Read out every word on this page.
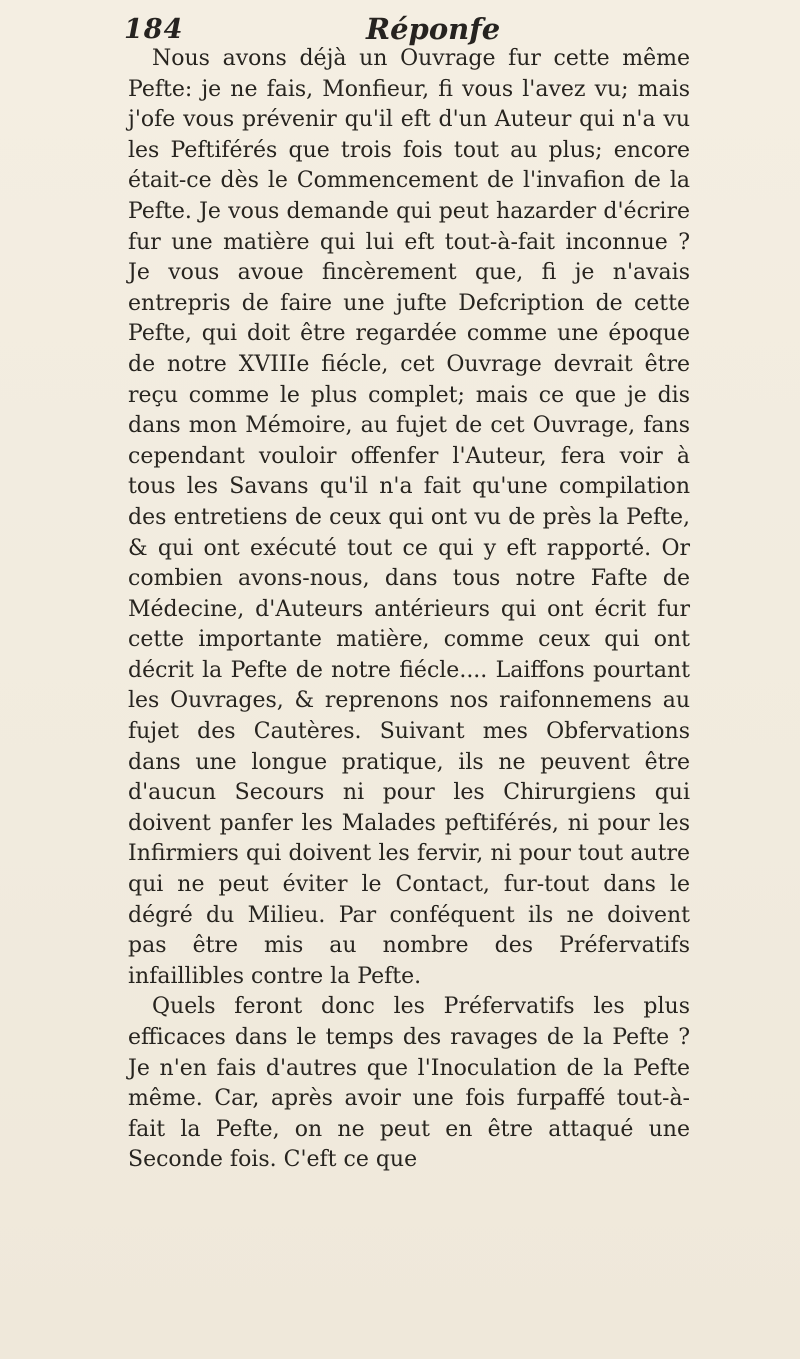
184	Réponfe

Nous avons déjà un Ouvrage fur cette même Pefte: je ne fais, Monfieur, fi vous l'avez vu; mais j'ofe vous prévenir qu'il eft d'un Auteur qui n'a vu les Peftiférés que trois fois tout au plus; encore était-ce dès le Commencement de l'invafion de la Pefte. Je vous demande qui peut hazarder d'écrire fur une matière qui lui eft tout-à-fait inconnue ? Je vous avoue fincèrement que, fi je n'avais entrepris de faire une jufte Defcription de cette Pefte, qui doit être regardée comme une époque de notre XVIIIe fiécle, cet Ouvrage devrait être reçu comme le plus complet; mais ce que je dis dans mon Mémoire, au fujet de cet Ouvrage, fans cependant vouloir offenfer l'Auteur, fera voir à tous les Savans qu'il n'a fait qu'une compilation des entretiens de ceux qui ont vu de près la Pefte, & qui ont exécuté tout ce qui y eft rapporté. Or combien avons-nous, dans tous notre Fafte de Médecine, d'Auteurs antérieurs qui ont écrit fur cette importante matière, comme ceux qui ont décrit la Pefte de notre fiécle.... Laiffons pourtant les Ouvrages, & reprenons nos raifonnemens au fujet des Cautères. Suivant mes Obfervations dans une longue pratique, ils ne peuvent être d'aucun Secours ni pour les Chirurgiens qui doivent panfer les Malades peftiférés, ni pour les Infirmiers qui doivent les fervir, ni pour tout autre qui ne peut éviter le Contact, fur-tout dans le dégré du Milieu. Par conféquent ils ne doivent pas être mis au nombre des Préfervatifs infaillibles contre la Pefte.

Quels feront donc les Préfervatifs les plus efficaces dans le temps des ravages de la Pefte ? Je n'en fais d'autres que l'Inoculation de la Pefte même. Car, après avoir une fois furpaffé tout-à-fait la Pefte, on ne peut en être attaqué une Seconde fois. C'eft ce que
